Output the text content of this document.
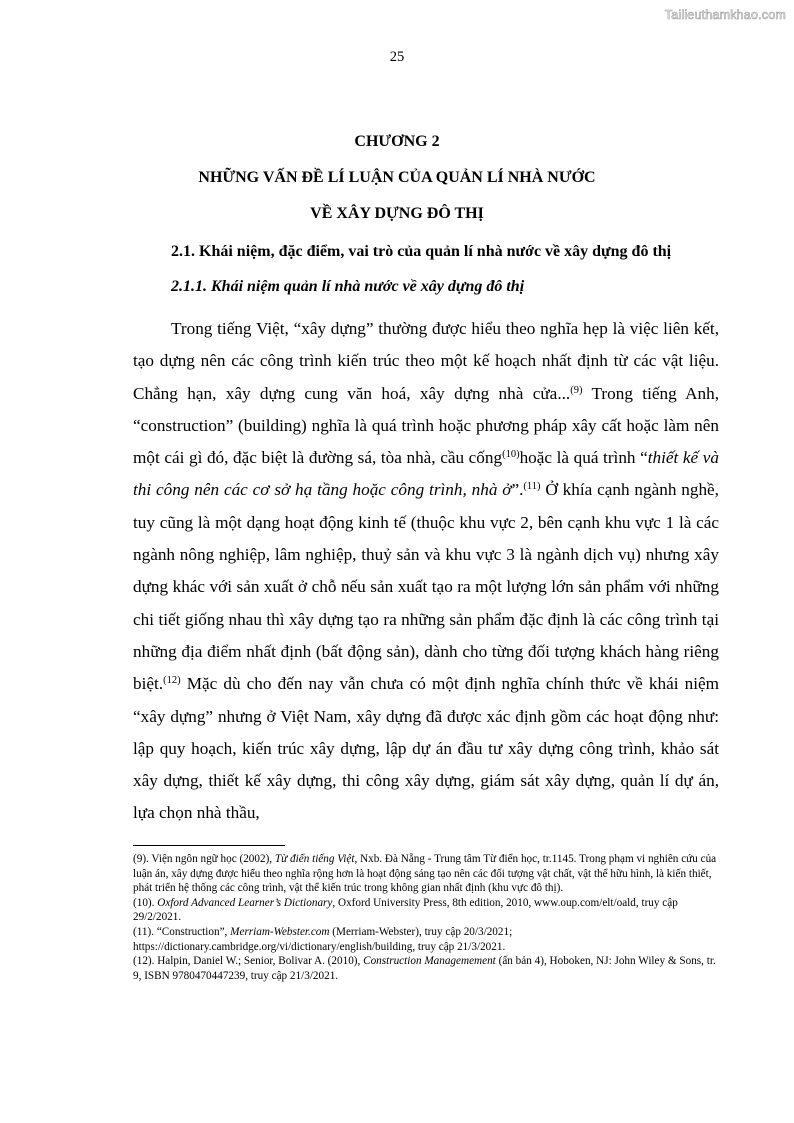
Tailieuthamkhao.com
25
CHƯƠNG 2
NHỮNG VẤN ĐỀ LÍ LUẬN CỦA QUẢN LÍ NHÀ NƯỚC
VỀ XÂY DỰNG ĐÔ THỊ
2.1. Khái niệm, đặc điểm, vai trò của quản lí nhà nước về xây dựng đô thị
2.1.1. Khái niệm quản lí nhà nước về xây dựng đô thị

Trong tiếng Việt, “xây dựng” thường được hiểu theo nghĩa hẹp là việc liên kết, tạo dựng nên các công trình kiến trúc theo một kế hoạch nhất định từ các vật liệu. Chẳng hạn, xây dựng cung văn hoá, xây dựng nhà cửa...$^{(9)}$ Trong tiếng Anh, “construction” (building) nghĩa là quá trình hoặc phương pháp xây cất hoặc làm nên một cái gì đó, đặc biệt là đường sá, tòa nhà, cầu cống$^{(10)}$hoặc là quá trình “thiết kế và thi công nên các cơ sở hạ tầng hoặc công trình, nhà ở”.$^{(11)}$ Ở khía cạnh ngành nghề, tuy cũng là một dạng hoạt động kinh tế (thuộc khu vực 2, bên cạnh khu vực 1 là các ngành nông nghiệp, lâm nghiệp, thuỷ sản và khu vực 3 là ngành dịch vụ) nhưng xây dựng khác với sản xuất ở chỗ nếu sản xuất tạo ra một lượng lớn sản phẩm với những chi tiết giống nhau thì xây dựng tạo ra những sản phẩm đặc định là các công trình tại những địa điểm nhất định (bất động sản), dành cho từng đối tượng khách hàng riêng biệt.$^{(12)}$ Mặc dù cho đến nay vẫn chưa có một định nghĩa chính thức về khái niệm “xây dựng” nhưng ở Việt Nam, xây dựng đã được xác định gồm các hoạt động như: lập quy hoạch, kiến trúc xây dựng, lập dự án đầu tư xây dựng công trình, khảo sát xây dựng, thiết kế xây dựng, thi công xây dựng, giám sát xây dựng, quản lí dự án, lựa chọn nhà thầu,

(9). Viện ngôn ngữ học (2002), Từ điển tiếng Việt, Nxb. Đà Nẵng - Trung tâm Từ điển học, tr.1145. Trong phạm vi nghiên cứu của luận án, xây dựng được hiểu theo nghĩa rộng hơn là hoạt động sáng tạo nên các đối tượng vật chất, vật thể hữu hình, là kiến thiết, phát triển hệ thống các công trình, vật thể kiến trúc trong không gian nhất định (khu vực đô thị).

(10). Oxford Advanced Learner’s Dictionary, Oxford University Press, 8th edition, 2010, www.oup.com/elt/oald, truy cập 29/2/2021.

(11). “Construction”, Merriam-Webster.com (Merriam-Webster), truy cập 20/3/2021; https://dictionary.cambridge.org/vi/dictionary/english/building, truy cập 21/3/2021.

(12). Halpin, Daniel W.; Senior, Bolivar A. (2010), Construction Managemement (ấn bản 4), Hoboken, NJ: John Wiley & Sons, tr. 9, ISBN 9780470447239, truy cập 21/3/2021.
